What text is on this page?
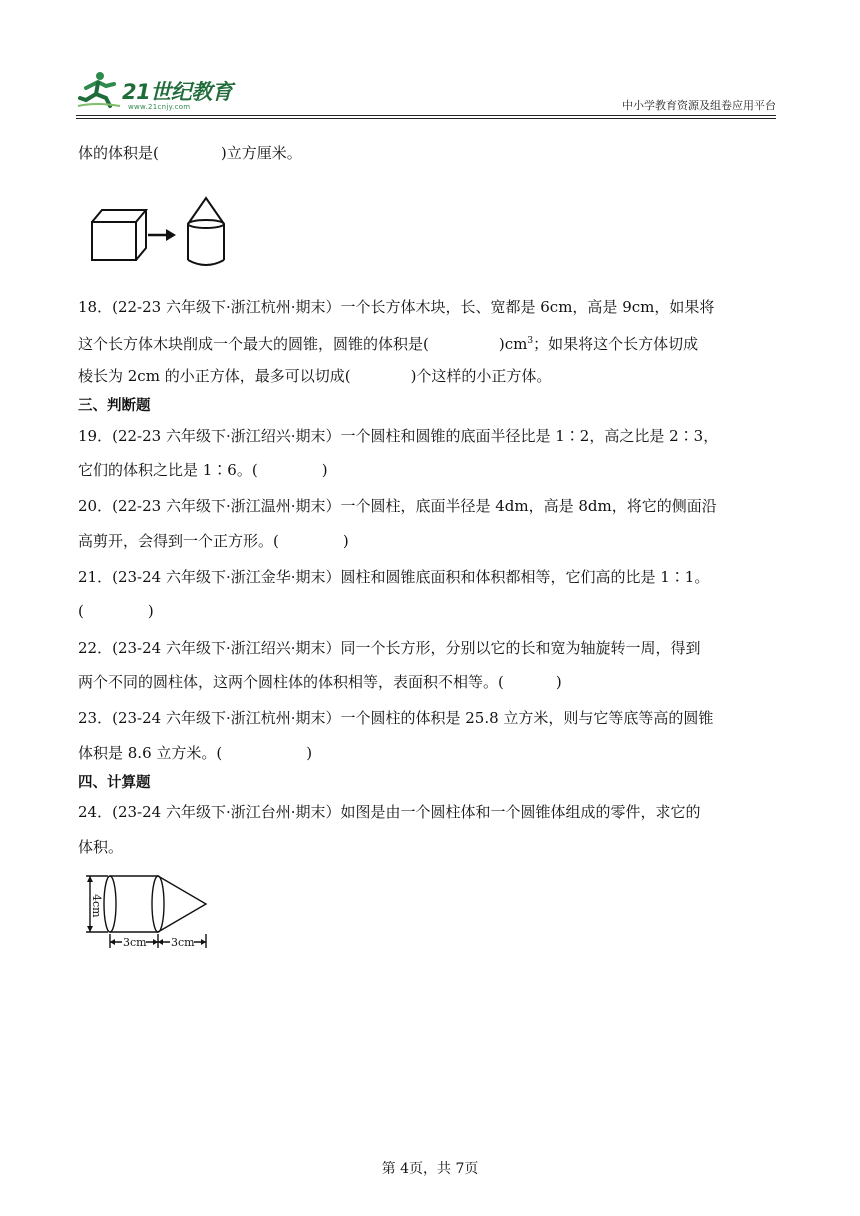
21世纪教育
www.21cnjy.com	中小学教育资源及组卷应用平台
体的体积是(	)立方厘米。
18．(22-23 六年级下·浙江杭州·期末）一个长方体木块，长、宽都是 6cm，高是 9cm，如果将
这个长方体木块削成一个最大的圆锥，圆锥的体积是(	)$cm^3$；如果将这个长方体切成
棱长为 2cm 的小正方体，最多可以切成(	)个这样的小正方体。
三、判断题
19．(22-23 六年级下·浙江绍兴·期末）一个圆柱和圆锥的底面半径比是 1∶2，高之比是 2∶3，
它们的体积之比是 1∶6。(	)
20．(22-23 六年级下·浙江温州·期末）一个圆柱，底面半径是 4dm，高是 8dm，将它的侧面沿
高剪开，会得到一个正方形。(	)
21．(23-24 六年级下·浙江金华·期末）圆柱和圆锥底面积和体积都相等，它们高的比是 1∶1。
(	)
22．(23-24 六年级下·浙江绍兴·期末）同一个长方形，分别以它的长和宽为轴旋转一周，得到
两个不同的圆柱体，这两个圆柱体的体积相等，表面积不相等。(	)
23．(23-24 六年级下·浙江杭州·期末）一个圆柱的体积是 25.8 立方米，则与它等底等高的圆锥
体积是 8.6 立方米。(	)
四、计算题
24．(23-24 六年级下·浙江台州·期末）如图是由一个圆柱体和一个圆锥体组成的零件，求它的
体积。
4cm
3cm 3cm
第 4页，共 7页
